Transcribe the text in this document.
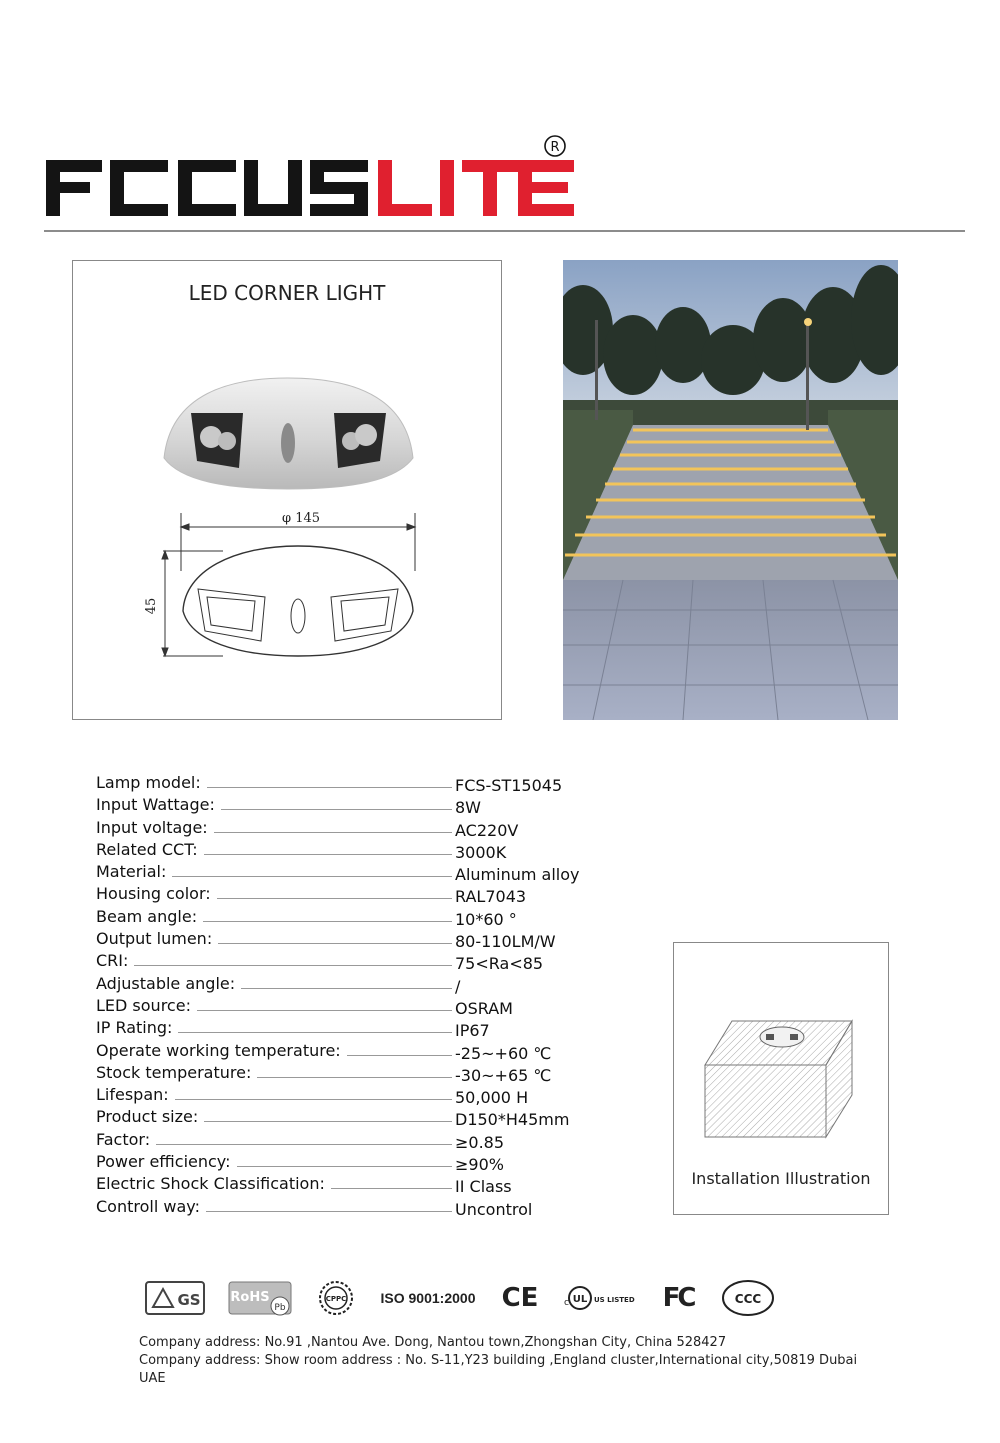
R
LED CORNER LIGHT
φ 145
45
Lamp model:	FCS-ST15045
Input Wattage:	8W
Input voltage:	AC220V
Related CCT:	3000K
Material:	Aluminum alloy
Housing color:	RAL7043
Beam angle:	10*60 °
Output lumen:	80-110LM/W
CRI:	75<Ra<85
Adjustable angle:	/
LED source:	OSRAM
IP Rating:	IP67
Operate working temperature:	-25~+60 ℃
Stock temperature:	-30~+65 ℃
Lifespan:	50,000 H
Product size:	D150*H45mm
Factor:	≥0.85
Power efficiency:	≥90%
Electric Shock Classification:	II Class
Controll way:	Uncontrol
Installation Illustration
GS RoHS
Pb
CPPC	ISO 9001:2000 CE	c UL US LISTED FC	CCC
Company address: No.91 ,Nantou Ave. Dong, Nantou town,Zhongshan City, China 528427
Company address: Show room address : No. S-11,Y23 building ,England cluster,International city,50819 Dubai UAE
